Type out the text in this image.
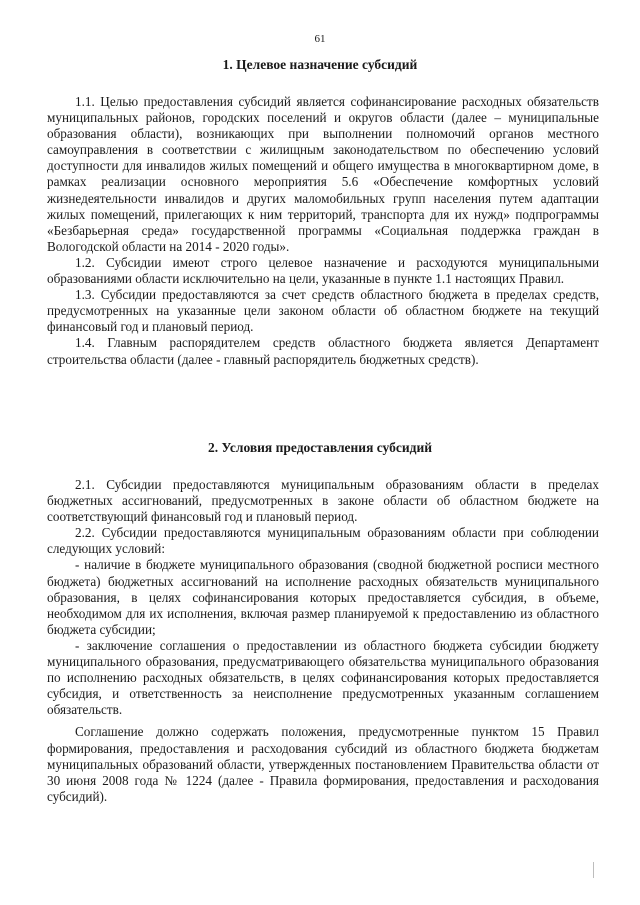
61
1. Целевое назначение субсидий

1.1. Целью предоставления субсидий является софинансирование расходных обязательств муниципальных районов, городских поселений и округов области (далее – муниципальные образования области), возникающих при выполнении полномочий органов местного самоуправления в соответствии с жилищным законодательством по обеспечению условий доступности для инвалидов жилых помещений и общего имущества в многоквартирном доме, в рамках реализации основного мероприятия 5.6 «Обеспечение комфортных условий жизнедеятельности инвалидов и других маломобильных групп населения путем адаптации жилых помещений, прилегающих к ним территорий, транспорта для их нужд» подпрограммы «Безбарьерная среда» государственной программы «Социальная поддержка граждан в Вологодской области на 2014 - 2020 годы».

1.2. Субсидии имеют строго целевое назначение и расходуются муниципальными образованиями области исключительно на цели, указанные в пункте 1.1 настоящих Правил.

1.3. Субсидии предоставляются за счет средств областного бюджета в пределах средств, предусмотренных на указанные цели законом области об областном бюджете на текущий финансовый год и плановый период.

1.4. Главным распорядителем средств областного бюджета является Департамент строительства области (далее - главный распорядитель бюджетных средств).

2. Условия предоставления субсидий

2.1. Субсидии предоставляются муниципальным образованиям области в пределах бюджетных ассигнований, предусмотренных в законе области об областном бюджете на соответствующий финансовый год и плановый период.

2.2. Субсидии предоставляются муниципальным образованиям области при соблюдении следующих условий:

- наличие в бюджете муниципального образования (сводной бюджетной росписи местного бюджета) бюджетных ассигнований на исполнение расходных обязательств муниципального образования, в целях софинансирования которых предоставляется субсидия, в объеме, необходимом для их исполнения, включая размер планируемой к предоставлению из областного бюджета субсидии;

- заключение соглашения о предоставлении из областного бюджета субсидии бюджету муниципального образования, предусматривающего обязательства муниципального образования по исполнению расходных обязательств, в целях софинансирования которых предоставляется субсидия, и ответственность за неисполнение предусмотренных указанным соглашением обязательств.

Соглашение должно содержать положения, предусмотренные пунктом 15 Правил формирования, предоставления и расходования субсидий из областного бюджета бюджетам муниципальных образований области, утвержденных постановлением Правительства области от 30 июня 2008 года № 1224 (далее - Правила формирования, предоставления и расходования субсидий).
